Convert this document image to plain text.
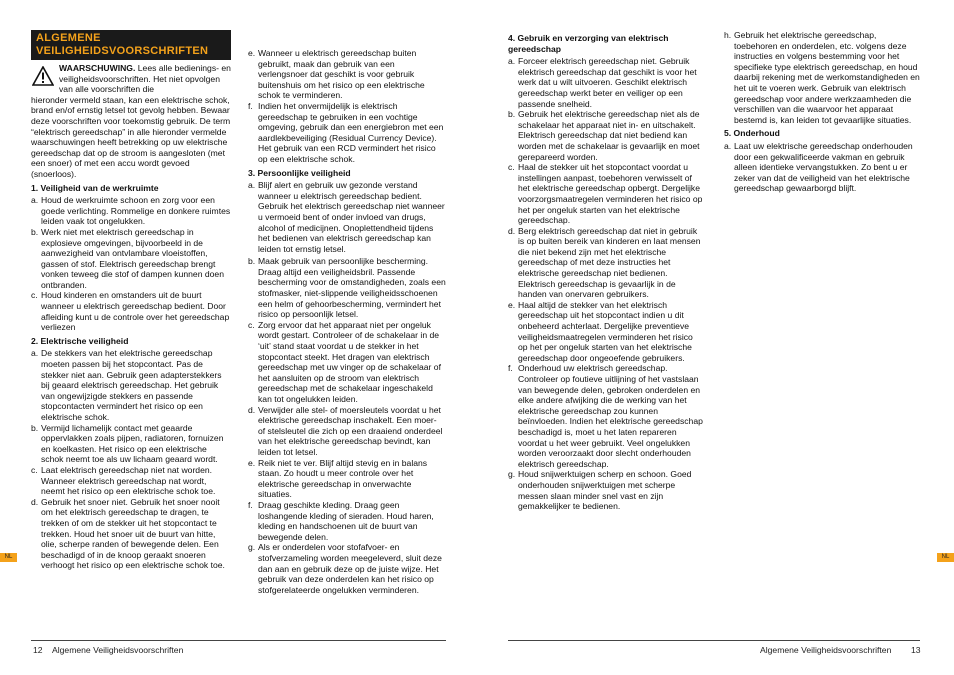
ALGEMENE VEILIGHEIDSVOORSCHRIFTEN

WAARSCHUWING. Lees alle bedienings- en veiligheidsvoorschriften. Het niet opvolgen van alle voorschriften die
hieronder vermeld staan, kan een elektrische schok, brand en/of ernstig letsel tot gevolg hebben. Bewaar deze voorschriften voor toekomstig gebruik. De term “elektrisch gereedschap” in alle hieronder vermelde waarschuwingen heeft betrekking op uw elektrische gereedschap dat op de stroom is aangesloten (met een snoer) of met een accu wordt gevoed (snoerloos).

1. Veiligheid van de werkruimte

a. Houd de werkruimte schoon en zorg voor een goede verlichting. Rommelige en donkere ruimtes leiden vaak tot ongelukken.
b. Werk niet met elektrisch gereedschap in explosieve omgevingen, bijvoorbeeld in de aanwezigheid van ontvlambare vloeistoffen, gassen of stof. Elektrisch gereedschap brengt vonken teweeg die stof of dampen kunnen doen ontbranden.
c. Houd kinderen en omstanders uit de buurt wanneer u elektrisch gereedschap bedient. Door afleiding kunt u de controle over het gereedschap verliezen

2. Elektrische veiligheid

a. De stekkers van het elektrische gereedschap moeten passen bij het stopcontact. Pas de stekker niet aan. Gebruik geen adapterstekkers bij geaard elektrisch gereedschap. Het gebruik van ongewijzigde stekkers en passende stopcontacten vermindert het risico op een elektrische schok.
b. Vermijd lichamelijk contact met geaarde oppervlakken zoals pijpen, radiatoren, fornuizen en koelkasten. Het risico op een elektrische schok neemt toe als uw lichaam geaard wordt.
c. Laat elektrisch gereedschap niet nat worden. Wanneer elektrisch gereedschap nat wordt, neemt het risico op een elektrische schok toe.
d. Gebruik het snoer niet. Gebruik het snoer nooit om het elektrisch gereedschap te dragen, te trekken of om de stekker uit het stopcontact te trekken. Houd het snoer uit de buurt van hitte, olie, scherpe randen of bewegende delen. Een beschadigd of in de knoop geraakt snoeren verhoogt het risico op een elektrische schok toe.
e. Wanneer u elektrisch gereedschap buiten gebruikt, maak dan gebruik van een verlengsnoer dat geschikt is voor gebruik buitenshuis om het risico op een elektrische schok te verminderen.
f. Indien het onvermijdelijk is elektrisch gereedschap te gebruiken in een vochtige omgeving, gebruik dan een energiebron met een aardlekbeveiliging (Residual Currency Device). Het gebruik van een RCD vermindert het risico op een elektrische schok.

3. Persoonlijke veiligheid

a. Blijf alert en gebruik uw gezonde verstand wanneer u elektrisch gereedschap bedient.

Gebruik het elektrisch gereedschap niet wanneer u vermoeid bent of onder invloed van drugs, alcohol of medicijnen. Onoplettendheid tijdens het bedienen van elektrisch gereedschap kan leiden tot ernstig letsel.

b. Maak gebruik van persoonlijke bescherming. Draag altijd een veiligheidsbril. Passende bescherming voor de omstandigheden, zoals een stofmasker, niet-slippende veiligheidsschoenen een helm of gehoorbescherming, vermindert het risico op persoonlijk letsel.
c. Zorg ervoor dat het apparaat niet per ongeluk wordt gestart. Controleer of de schakelaar in de ‘uit’ stand staat voordat u de stekker in het stopcontact steekt. Het dragen van elektrisch gereedschap met uw vinger op de schakelaar of het aansluiten op de stroom van elektrisch gereedschap met de schakelaar ingeschakeld kan tot ongelukken leiden.
d. Verwijder alle stel- of moersleutels voordat u het elektrische gereedschap inschakelt. Een moer- of stelsleutel die zich op een draaiend onderdeel van het elektrische gereedschap bevindt, kan leiden tot letsel.
e. Reik niet te ver. Blijf altijd stevig en in balans staan. Zo houdt u meer controle over het elektrische gereedschap in onverwachte situaties.
f. Draag geschikte kleding. Draag geen loshangende kleding of sieraden. Houd haren, kleding en handschoenen uit de buurt van bewegende delen.
g. Als er onderdelen voor stofafvoer- en stofverzameling worden meegeleverd, sluit deze dan aan en gebruik deze op de juiste wijze. Het gebruik van deze onderdelen kan het risico op stofgerelateerde ongelukken verminderen.

4. Gebruik en verzorging van elektrisch gereedschap

a. Forceer elektrisch gereedschap niet. Gebruik elektrisch gereedschap dat geschikt is voor het werk dat u wilt uitvoeren. Geschikt elektrisch gereedschap werkt beter en veiliger op een passende snelheid.
b. Gebruik het elektrische gereedschap niet als de schakelaar het apparaat niet in- en uitschakelt. Elektrisch gereedschap dat niet bediend kan worden met de schakelaar is gevaarlijk en moet gerepareerd worden.
c. Haal de stekker uit het stopcontact voordat u instellingen aanpast, toebehoren verwisselt of het elektrische gereedschap opbergt. Dergelijke voorzorgsmaatregelen verminderen het risico op het per ongeluk starten van het elektrische gereedschap.
d. Berg elektrisch gereedschap dat niet in gebruik is op buiten bereik van kinderen en laat mensen die niet bekend zijn met het elektrische gereedschap of met deze instructies het elektrische gereedschap niet bedienen. Elektrisch gereedschap is gevaarlijk in de handen van onervaren gebruikers.
e. Haal altijd de stekker van het elektrisch gereedschap uit het stopcontact indien u dit onbeheerd achterlaat. Dergelijke preventieve veiligheidsmaatregelen verminderen het risico op het per ongeluk starten van het elektrische gereedschap door ongeoefende gebruikers.
f. Onderhoud uw elektrisch gereedschap. Controleer op foutieve uitlijning of het vastslaan van bewegende delen, gebroken onderdelen en elke andere afwijking die de werking van het elektrische gereedschap zou kunnen beïnvloeden. Indien het elektrische gereedschap beschadigd is, moet u het laten repareren voordat u het weer gebruikt. Veel ongelukken worden veroorzaakt door slecht onderhouden elektrisch gereedschap.
g. Houd snijwerktuigen scherp en schoon. Goed onderhouden snijwerktuigen met scherpe messen slaan minder snel vast en zijn gemakkelijker te bedienen.
h. Gebruik het elektrische gereedschap, toebehoren en onderdelen, etc. volgens deze instructies en volgens bestemming voor het specifieke type elektrisch gereedschap, en houd daarbij rekening met de werkomstandigheden en het uit te voeren werk. Gebruik van elektrisch gereedschap voor andere werkzaamheden die verschillen van die waarvoor het apparaat bestemd is, kan leiden tot gevaarlijke situaties.

5. Onderhoud

a. Laat uw elektrische gereedschap onderhouden door een gekwalificeerde vakman en gebruik alleen identieke vervangstukken. Zo bent u er zeker van dat de veiligheid van het elektrische gereedschap gewaarborgd blijft.
NL	NL
12 Algemene Veiligheidsvoorschriften	Algemene Veiligheidsvoorschriften 13
